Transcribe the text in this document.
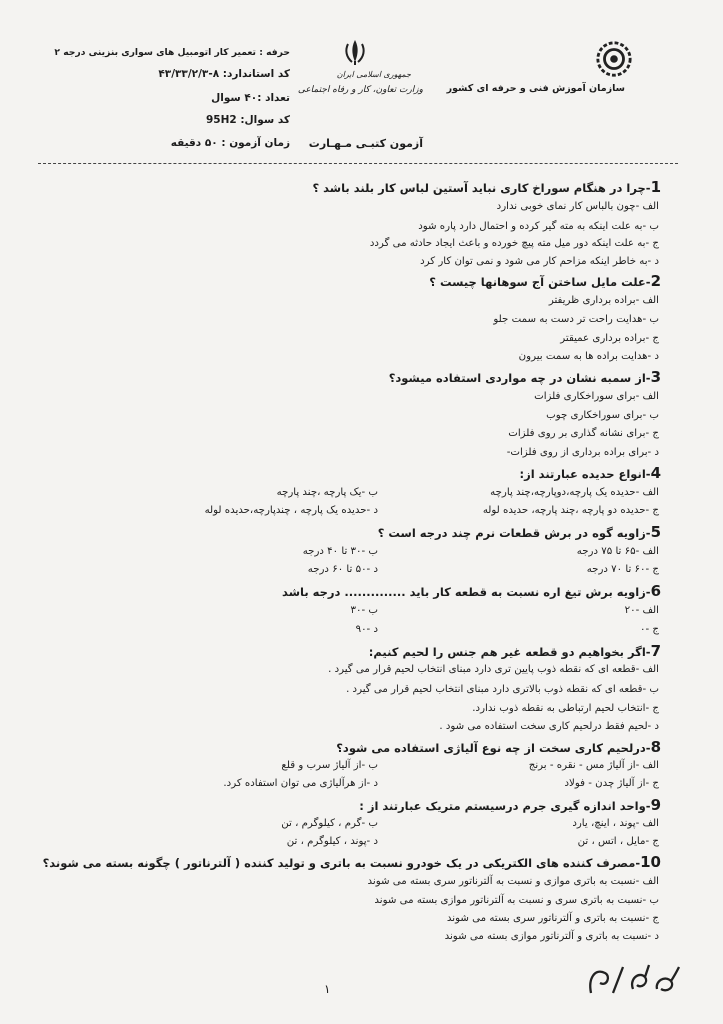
سازمان آموزش فنی و حرفه ای کشور
جمهوری اسلامی ایران
وزارت تعاون، کار و رفاه اجتماعی
حرفه : تعمیر کار اتومبیل های سواری بنزینی درجه ۲
کد استاندارد: ۸-۴۳/۳۳/۲/۳
تعداد :۴۰ سوال
کد سوال: 95H2
زمان آزمون : ۵۰ دقیقه آزمون کتبـی مـهـارت
1-چرا در هنگام سوراخ کاری نباید آستین لباس کار بلند باشد ؟
الف -چون بالباس کار نمای خوبی ندارد
ب -به علت اینکه به مته گیر کرده و احتمال دارد پاره شود
ج -به علت اینکه دور میل مته پیچ خورده و باعث ایجاد حادثه می گردد
د -به خاطر اینکه مزاحم کار می شود و نمی توان کار کرد
2-علت مایل ساختن آج سوهانها چیست ؟
الف -براده برداری ظریفتر
ب -هدایت راحت تر دست به سمت جلو
ج -براده برداری عمیقتر
د -هدایت براده ها به سمت بیرون
3-از سمبه نشان در چه مواردی استفاده میشود؟
الف -برای سوراخکاری فلزات
ب -برای سوراخکاری چوب
ج -برای نشانه گذاری بر روی فلزات
د -برای براده برداری از روی فلزات-
4-انواع حدیده عبارتند از:
الف -حدیده یک پارچه،دوپارچه،چند پارچه
ب -یک پارچه ،چند پارچه
ج -حدیده دو پارچه ،چند پارچه، حدیده لوله
د -حدیده یک پارچه ، چندپارچه،حدیده لوله
5-زاویه گوه در برش قطعات نرم چند درجه است ؟
الف -۶۵ تا ۷۵ درجه
ب -۳۰ تا ۴۰ درجه
ج -۶۰ تا ۷۰ درجه
د -۵۰ تا ۶۰ درجه
6-زاویه برش تیغ اره نسبت به قطعه کار باید .............. درجه باشد
الف -۲۰
ب -۳۰
ج -۰
د -۹۰
7-اگر بخواهیم دو قطعه غیر هم جنس را لحیم کنیم:
الف -قطعه ای که نقطه ذوب پایین تری دارد مبنای انتخاب لحیم قرار می گیرد .
ب -قطعه ای که نقطه ذوب بالاتری دارد مبنای انتخاب لحیم قرار می گیرد .
ج -انتخاب لحیم ارتباطی به نقطه ذوب ندارد.
د -لحیم فقط درلحیم کاری سخت استفاده می شود .
8-درلحیم کاری سخت از چه نوع آلیاژی استفاده می شود؟
الف -از آلیاژ مس - نقره - برنج
ب -از آلیاژ سرب و قلع
ج -از آلیاژ چدن - فولاد
د -از هرآلیاژی می توان استفاده کرد.
9-واحد اندازه گیری جرم درسیستم متریک عبارتند از :
الف -پوند ، اینچ، یارد
ب -گرم ، کیلوگرم ، تن
ج -مایل ، اتس ، تن
د -پوند ، کیلوگرم ، تن
10-مصرف کننده های الکتریکی در یک خودرو نسبت به باتری و تولید کننده ( آلترناتور ) چگونه بسته می شوند؟
الف -نسبت به باتری موازی و نسبت به آلترناتور سری بسته می شوند
ب -نسبت به باتری سری و نسبت به آلترناتور موازی بسته می شوند
ج -نسبت به باتری و آلترناتور سری بسته می شوند
د -نسبت به باتری و آلترناتور موازی بسته می شوند
۱
